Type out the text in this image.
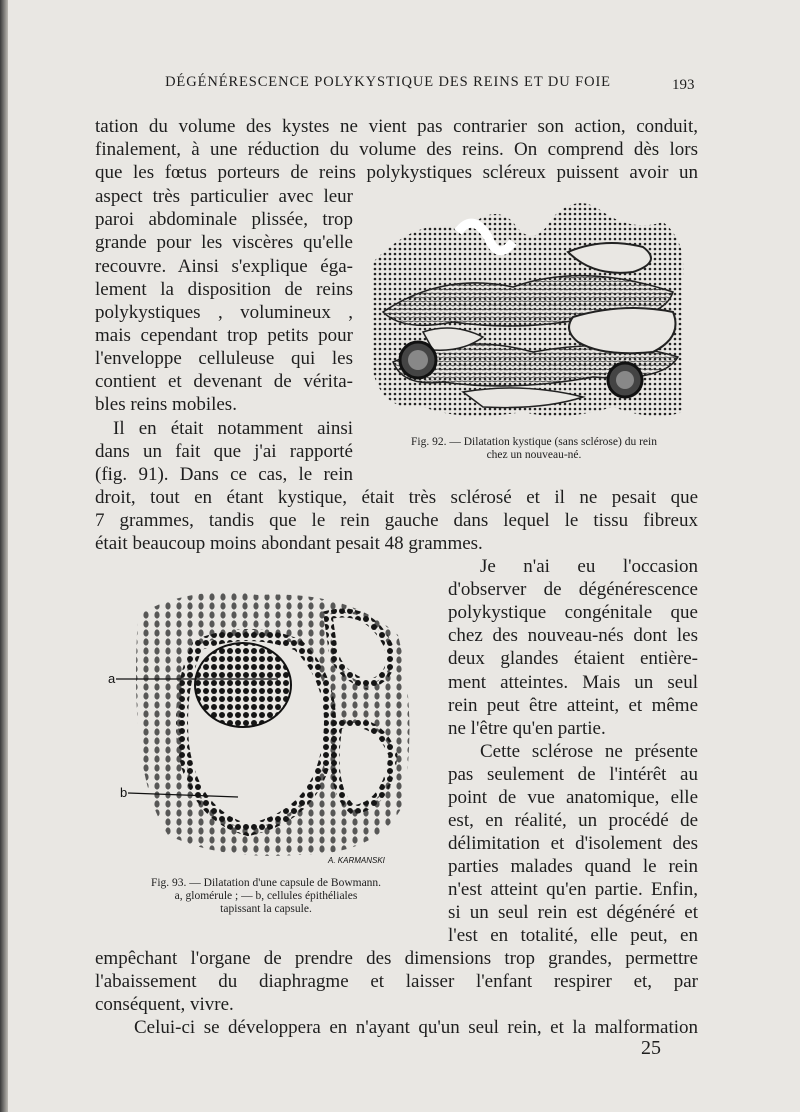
DÉGÉNÉRESCENCE POLYKYSTIQUE DES REINS ET DU FOIE	193
tation du volume des kystes ne vient pas contrarier son action, conduit,
finalement, à une réduction du volume des reins. On comprend dès lors
que les fœtus porteurs de reins polykystiques scléreux puissent avoir un
aspect très particulier avec leur
paroi abdominale plissée, trop
grande pour les viscères qu'elle
recouvre. Ainsi s'explique éga-
lement la disposition de reins
polykystiques , volumineux ,
mais cependant trop petits pour
l'enveloppe celluleuse qui les
contient et devenant de vérita-
bles reins mobiles.
Il en était notamment ainsi
dans un fait que j'ai rapporté
(fig. 91). Dans ce cas, le rein
droit, tout en étant kystique, était très sclérosé et il ne pesait que
7 grammes, tandis que le rein gauche dans lequel le tissu fibreux
était beaucoup moins abondant pesait 48 grammes.
Je n'ai eu l'occasion
d'observer de dégénérescence
polykystique congénitale que
chez des nouveau-nés dont les
deux glandes étaient entière-
ment atteintes. Mais un seul
rein peut être atteint, et même
ne l'être qu'en partie.
Cette sclérose ne présente
pas seulement de l'intérêt au
point de vue anatomique, elle
est, en réalité, un procédé de
délimitation et d'isolement des
parties malades quand le rein
n'est atteint qu'en partie. Enfin,
si un seul rein est dégénéré et
l'est en totalité, elle peut, en
empêchant l'organe de prendre des dimensions trop grandes, permettre
l'abaissement du diaphragme et laisser l'enfant respirer et, par
conséquent, vivre.
Celui-ci se développera en n'ayant qu'un seul rein, et la malformation
25
Fig. 92. — Dilatation kystique (sans sclérose) du rein
chez un nouveau-né.
a
b
A. KARMANSKI
Fig. 93. — Dilatation d'une capsule de Bowmann.
a, glomérule ; — b, cellules épithéliales
tapissant la capsule.
